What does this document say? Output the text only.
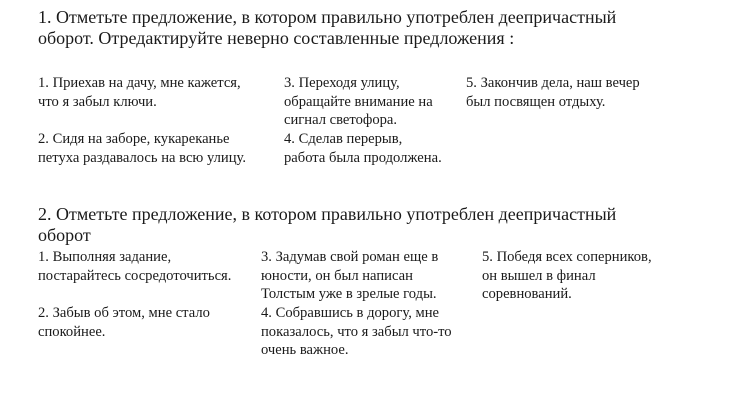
1. Отметьте предложение, в котором правильно употреблен деепричастный
оборот. Отредактируйте неверно составленные предложения :
1. Приехав на дачу, мне кажется,
что я забыл ключи.
3. Переходя улицу,
обращайте внимание на
сигнал светофора.
5. Закончив дела, наш вечер
был посвящен отдыху.
2. Сидя на заборе, кукареканье
петуха раздавалось на всю улицу.
4. Сделав перерыв,
работа была продолжена.
2. Отметьте предложение, в котором правильно употреблен деепричастный
оборот
1. Выполняя задание,
постарайтесь сосредоточиться.
3. Задумав свой роман еще в
юности, он был написан
Толстым уже в зрелые годы.
5. Победя всех соперников,
он вышел в финал
соревнований.
2. Забыв об этом, мне стало
спокойнее.
4. Собравшись в дорогу, мне
показалось, что я забыл что-то
очень важное.
